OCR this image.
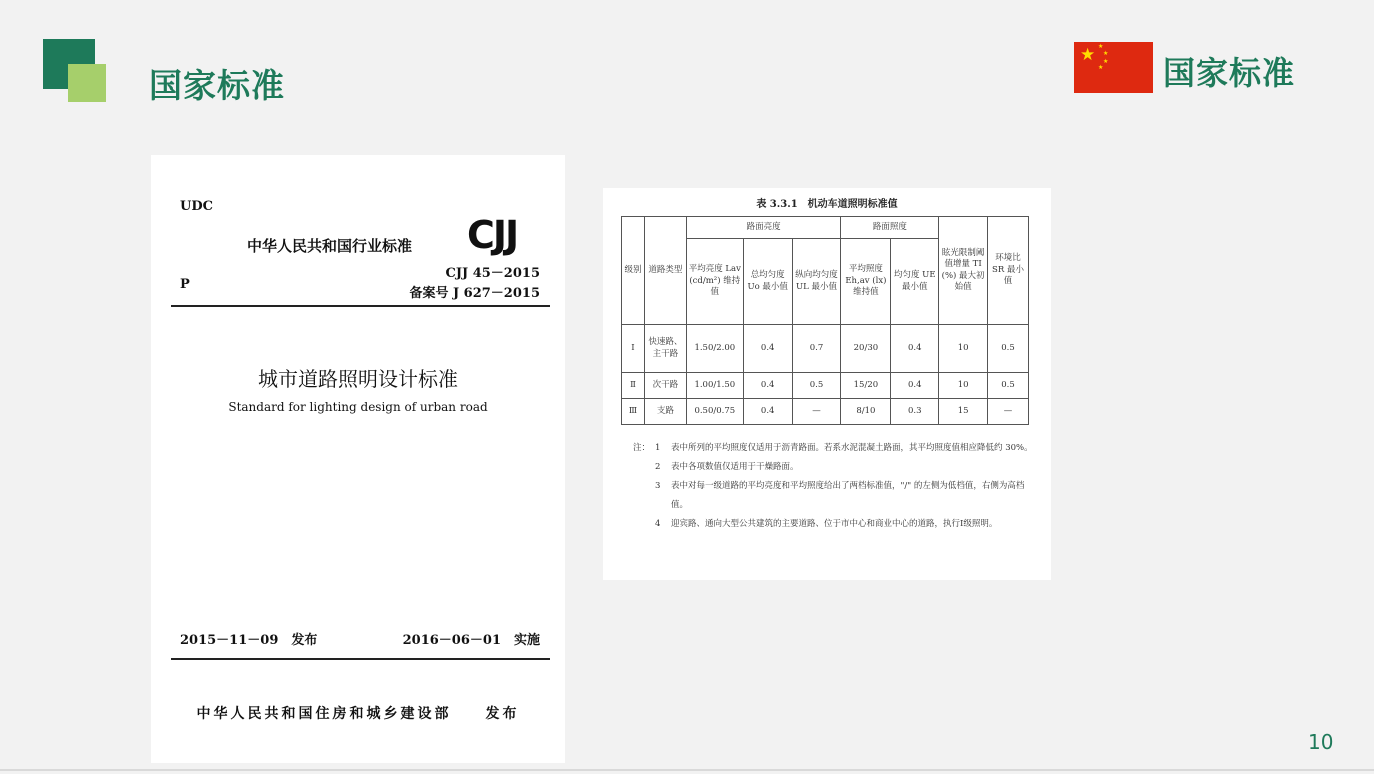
国家标准
★ ★
★
★
★ 国家标准
UDC
中华人民共和国行业标准 CJJ
P
CJJ 45－2015
备案号 J 627－2015
城市道路照明设计标准
Standard for lighting design of urban road
2015－11－09　发布	2016－06－01　实施
中华人民共和国住房和城乡建设部　　发布
表 3.3.1　机动车道照明标准值
级别	道路类型	路面亮度			路面照度		眩光限制阈值增量 TI (%) 最大初始值	环境比 SR 最小值
		平均亮度 Lav (cd/m²) 维持值	总均匀度 Uo 最小值	纵向均匀度 UL 最小值	平均照度 Eh,av (lx) 维持值	均匀度 UE 最小值		
Ⅰ	快速路、主干路	1.50/2.00	0.4	0.7	20/30	0.4	10	0.5
Ⅱ	次干路	1.00/1.50	0.4	0.5	15/20	0.4	10	0.5
Ⅲ	支路	0.50/0.75	0.4	—	8/10	0.3	15	—
注： 1 表中所列的平均照度仅适用于沥青路面。若系水泥混凝土路面，其平均照度值相应降低约 30%。
2 表中各项数值仅适用于干燥路面。
3 表中对每一级道路的平均亮度和平均照度给出了两档标准值，"/" 的左侧为低档值，右侧为高档值。
4 迎宾路、通向大型公共建筑的主要道路、位于市中心和商业中心的道路，执行Ⅰ级照明。
10
